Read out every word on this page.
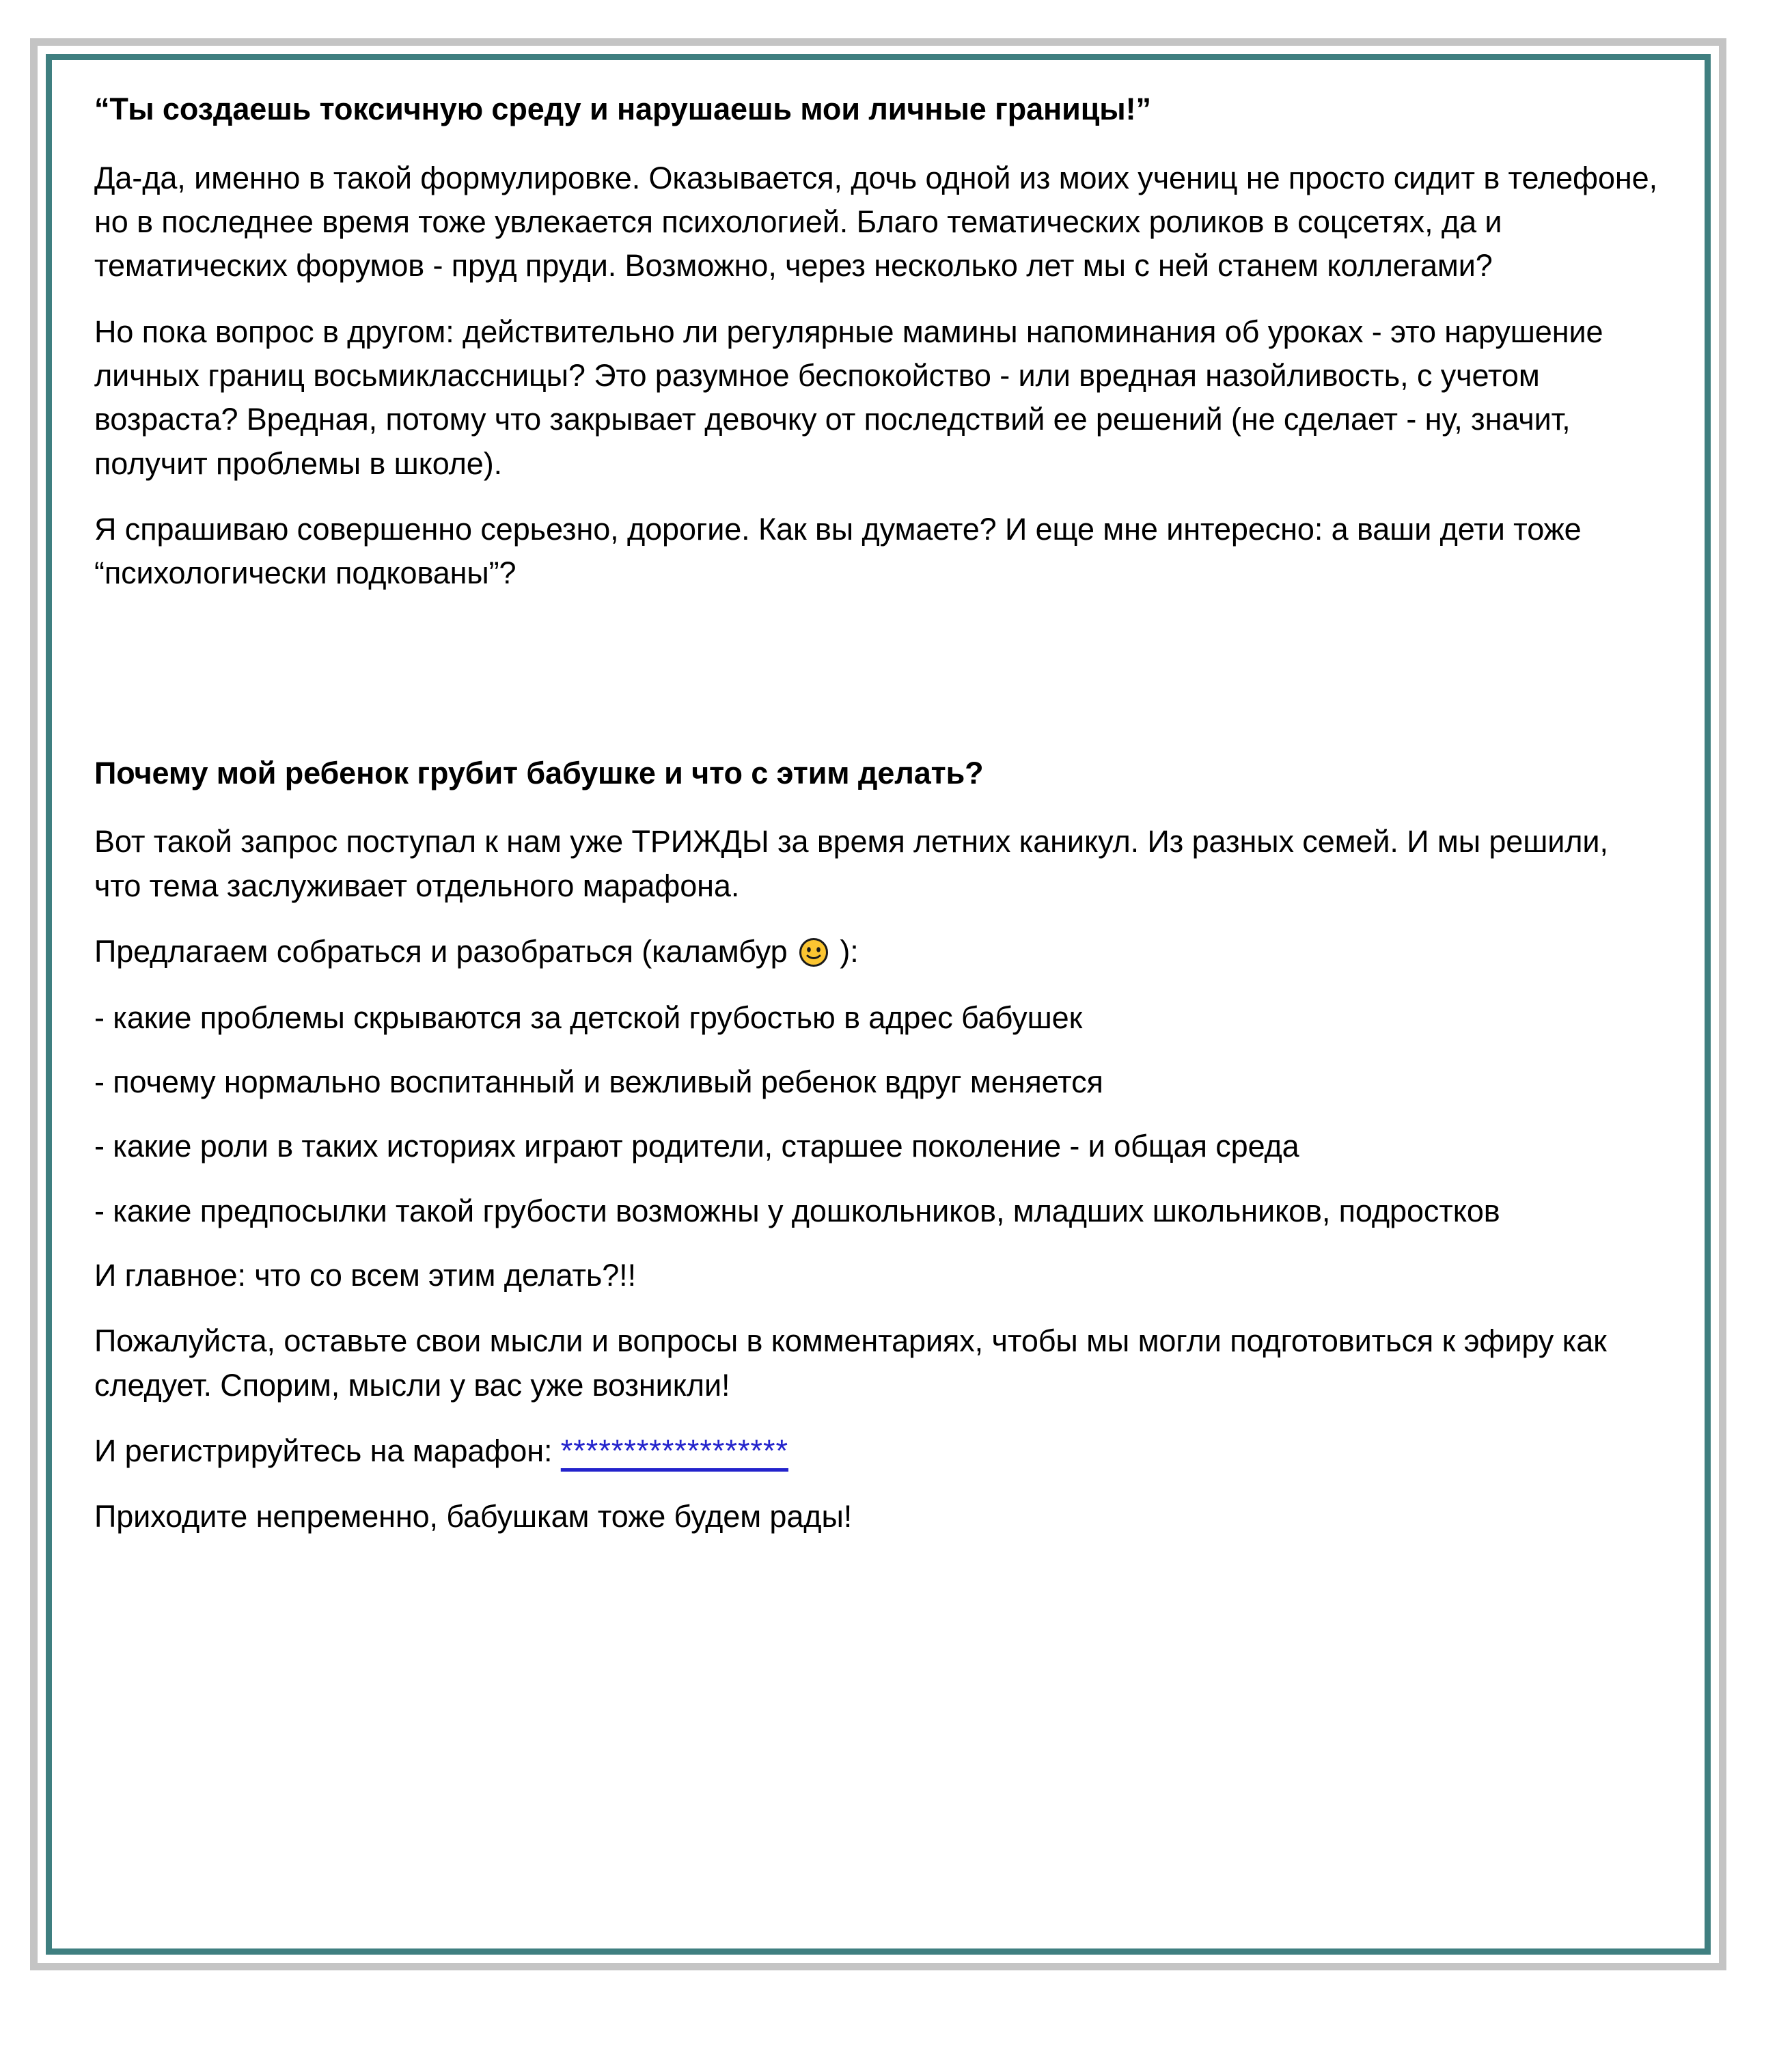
“Ты создаешь токсичную среду и нарушаешь мои личные границы!”

Да-да, именно в такой формулировке. Оказывается, дочь одной из моих учениц не просто сидит в телефоне, но в последнее время тоже увлекается психологией. Благо тематических роликов в соцсетях, да и тематических форумов - пруд пруди. Возможно, через несколько лет мы с ней станем коллегами?

Но пока вопрос в другом: действительно ли регулярные мамины напоминания об уроках - это нарушение личных границ восьмиклассницы? Это разумное беспокойство - или вредная назойливость, с учетом возраста? Вредная, потому что закрывает девочку от последствий ее решений (не сделает - ну, значит, получит проблемы в школе).

Я спрашиваю совершенно серьезно, дорогие. Как вы думаете? И еще мне интересно: а ваши дети тоже “психологически подкованы”?

Почему мой ребенок грубит бабушке и что с этим делать?

Вот такой запрос поступал к нам уже ТРИЖДЫ за время летних каникул. Из разных семей. И мы решили, что тема заслуживает отдельного марафона.

Предлагаем собраться и разобраться (каламбур
):

- какие проблемы скрываются за детской грубостью в адрес бабушек

- почему нормально воспитанный и вежливый ребенок вдруг меняется

- какие роли в таких историях играют родители, старшее поколение - и общая среда

- какие предпосылки такой грубости возможны у дошкольников, младших школьников, подростков

И главное: что со всем этим делать?!!

Пожалуйста, оставьте свои мысли и вопросы в комментариях, чтобы мы могли подготовиться к эфиру как следует. Спорим, мысли у вас уже возникли!

И регистрируйтесь на марафон: ******************

Приходите непременно, бабушкам тоже будем рады!
